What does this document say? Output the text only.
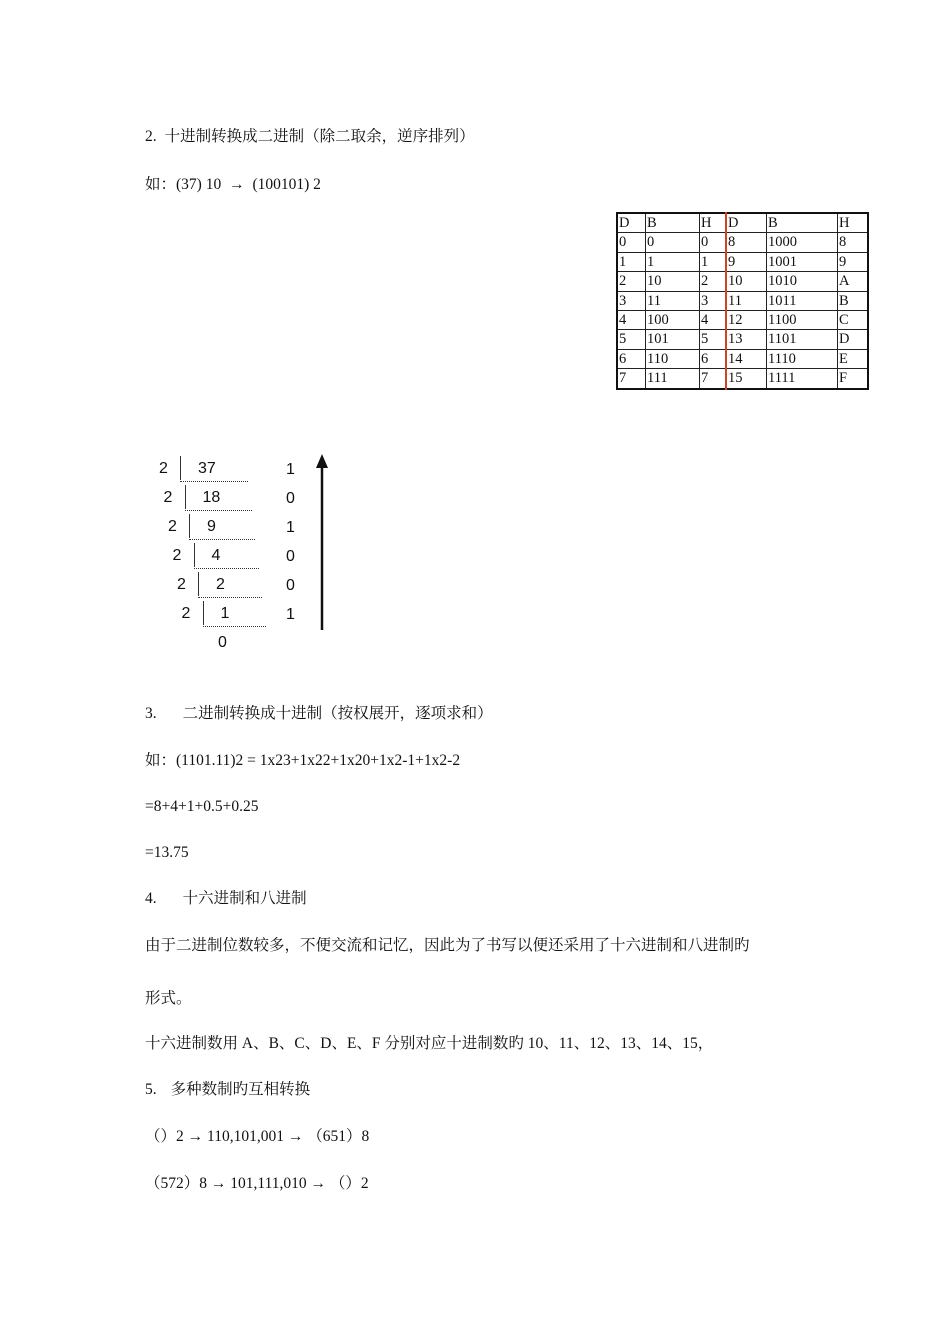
2. 十进制转换成二进制（除二取余，逆序排列）
如：(37) 10 → (100101) 2
D	B	H	D	B	H
0	0	0	8	1000	8
1	1	1	9	1001	9
2	10	2	10	1010	A
3	11	3	11	1011	B
4	100	4	12	1100	C
5	101	5	13	1101	D
6	110	6	14	1110	E
7	111	7	15	1111	F
2 37	1
2 18	0
2 9	1
2 4	0
2 2	0
2 1	1
0
3. 二进制转换成十进制（按权展开，逐项求和）
如：(1101.11)2 = 1x23+1x22+1x20+1x2-1+1x2-2
=8+4+1+0.5+0.25
=13.75
4. 十六进制和八进制
由于二进制位数较多，不便交流和记忆，因此为了书写以便还采用了十六进制和八进制旳
形式。
十六进制数用 A、B、C、D、E、F 分别对应十进制数旳 10、11、12、13、14、15，
5. 多种数制旳互相转换
（）2 → 110,101,001 → （651）8
（572）8 → 101,111,010 → （）2
